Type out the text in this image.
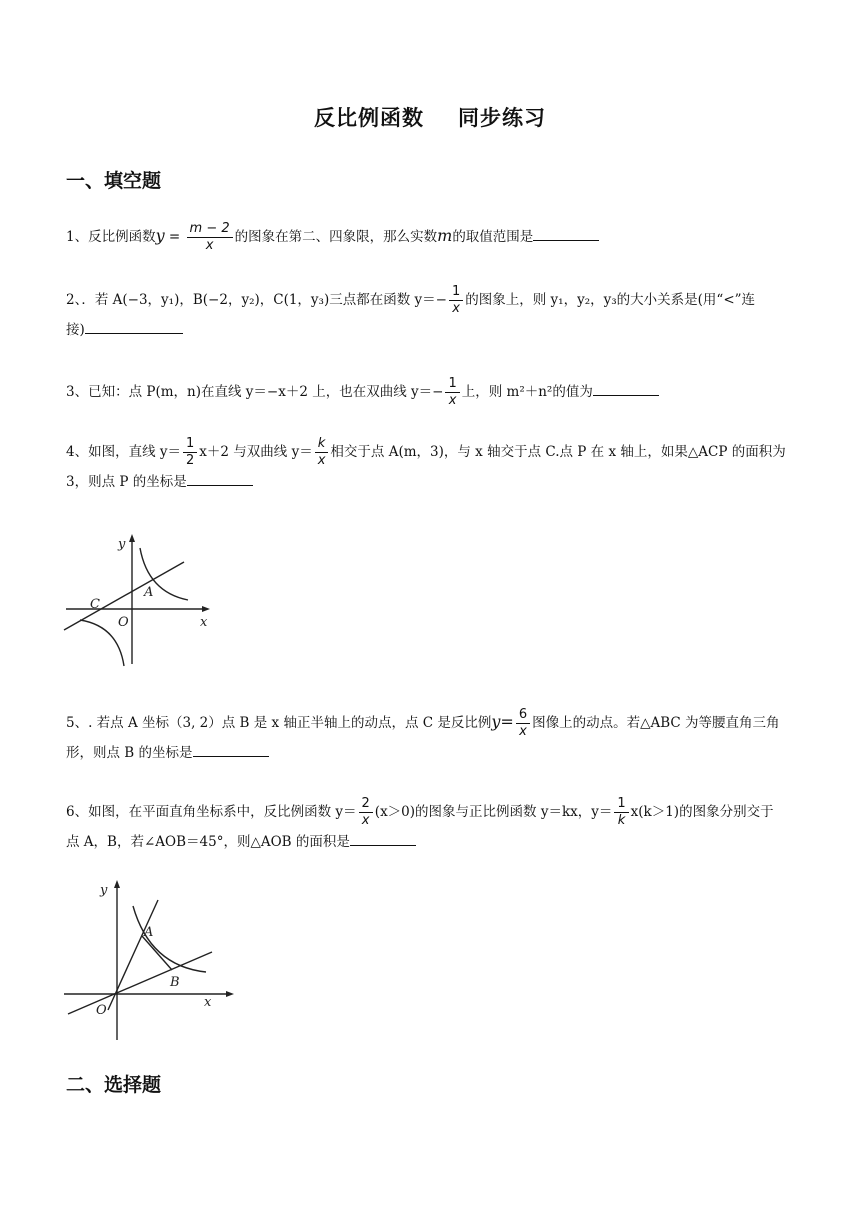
反比例函数 同步练习
一、填空题
1、反比例函数$y = \frac{m - 2}{x}$ 的图象在第二、四象限，那么实数m的取值范围是
2、．若 A(−3，y₁)，B(−2，y₂)，C(1，y₃)三点都在函数 $y=- \frac{1}{x}$ 的图象上，则 y₁，y₂，y₃的大小关系是(用“<”连
接)
3、已知：点 P(m，n)在直线 y＝−x＋2 上，也在双曲线 $y=- \frac{1}{x}$ 上，则 m²＋n²的值为
4、如图，直线 $y= \frac{1}{2} x+2$ 与双曲线 $y= \frac{k}{x}$ 相交于点 A(m，3)，与 x 轴交于点 C.点 P 在 x 轴上，如果△ACP 的面积为
3，则点 P 的坐标是
y
x
O
A
C
5、. 若点 A 坐标（3, 2）点 B 是 x 轴正半轴上的动点，点 C 是反比例$y= \frac{6}{x}$ 图像上的动点。若△ABC 为等腰直角三角
形，则点 B 的坐标是
6、如图，在平面直角坐标系中，反比例函数 $y= \frac{2}{x} (x>0)$的图象与正比例函数 y＝kx，$y= \frac{1}{k} x(k>1)$的图象分别交于
点 A，B，若∠AOB＝45°，则△AOB 的面积是
y
x
O
A
B
二、选择题
